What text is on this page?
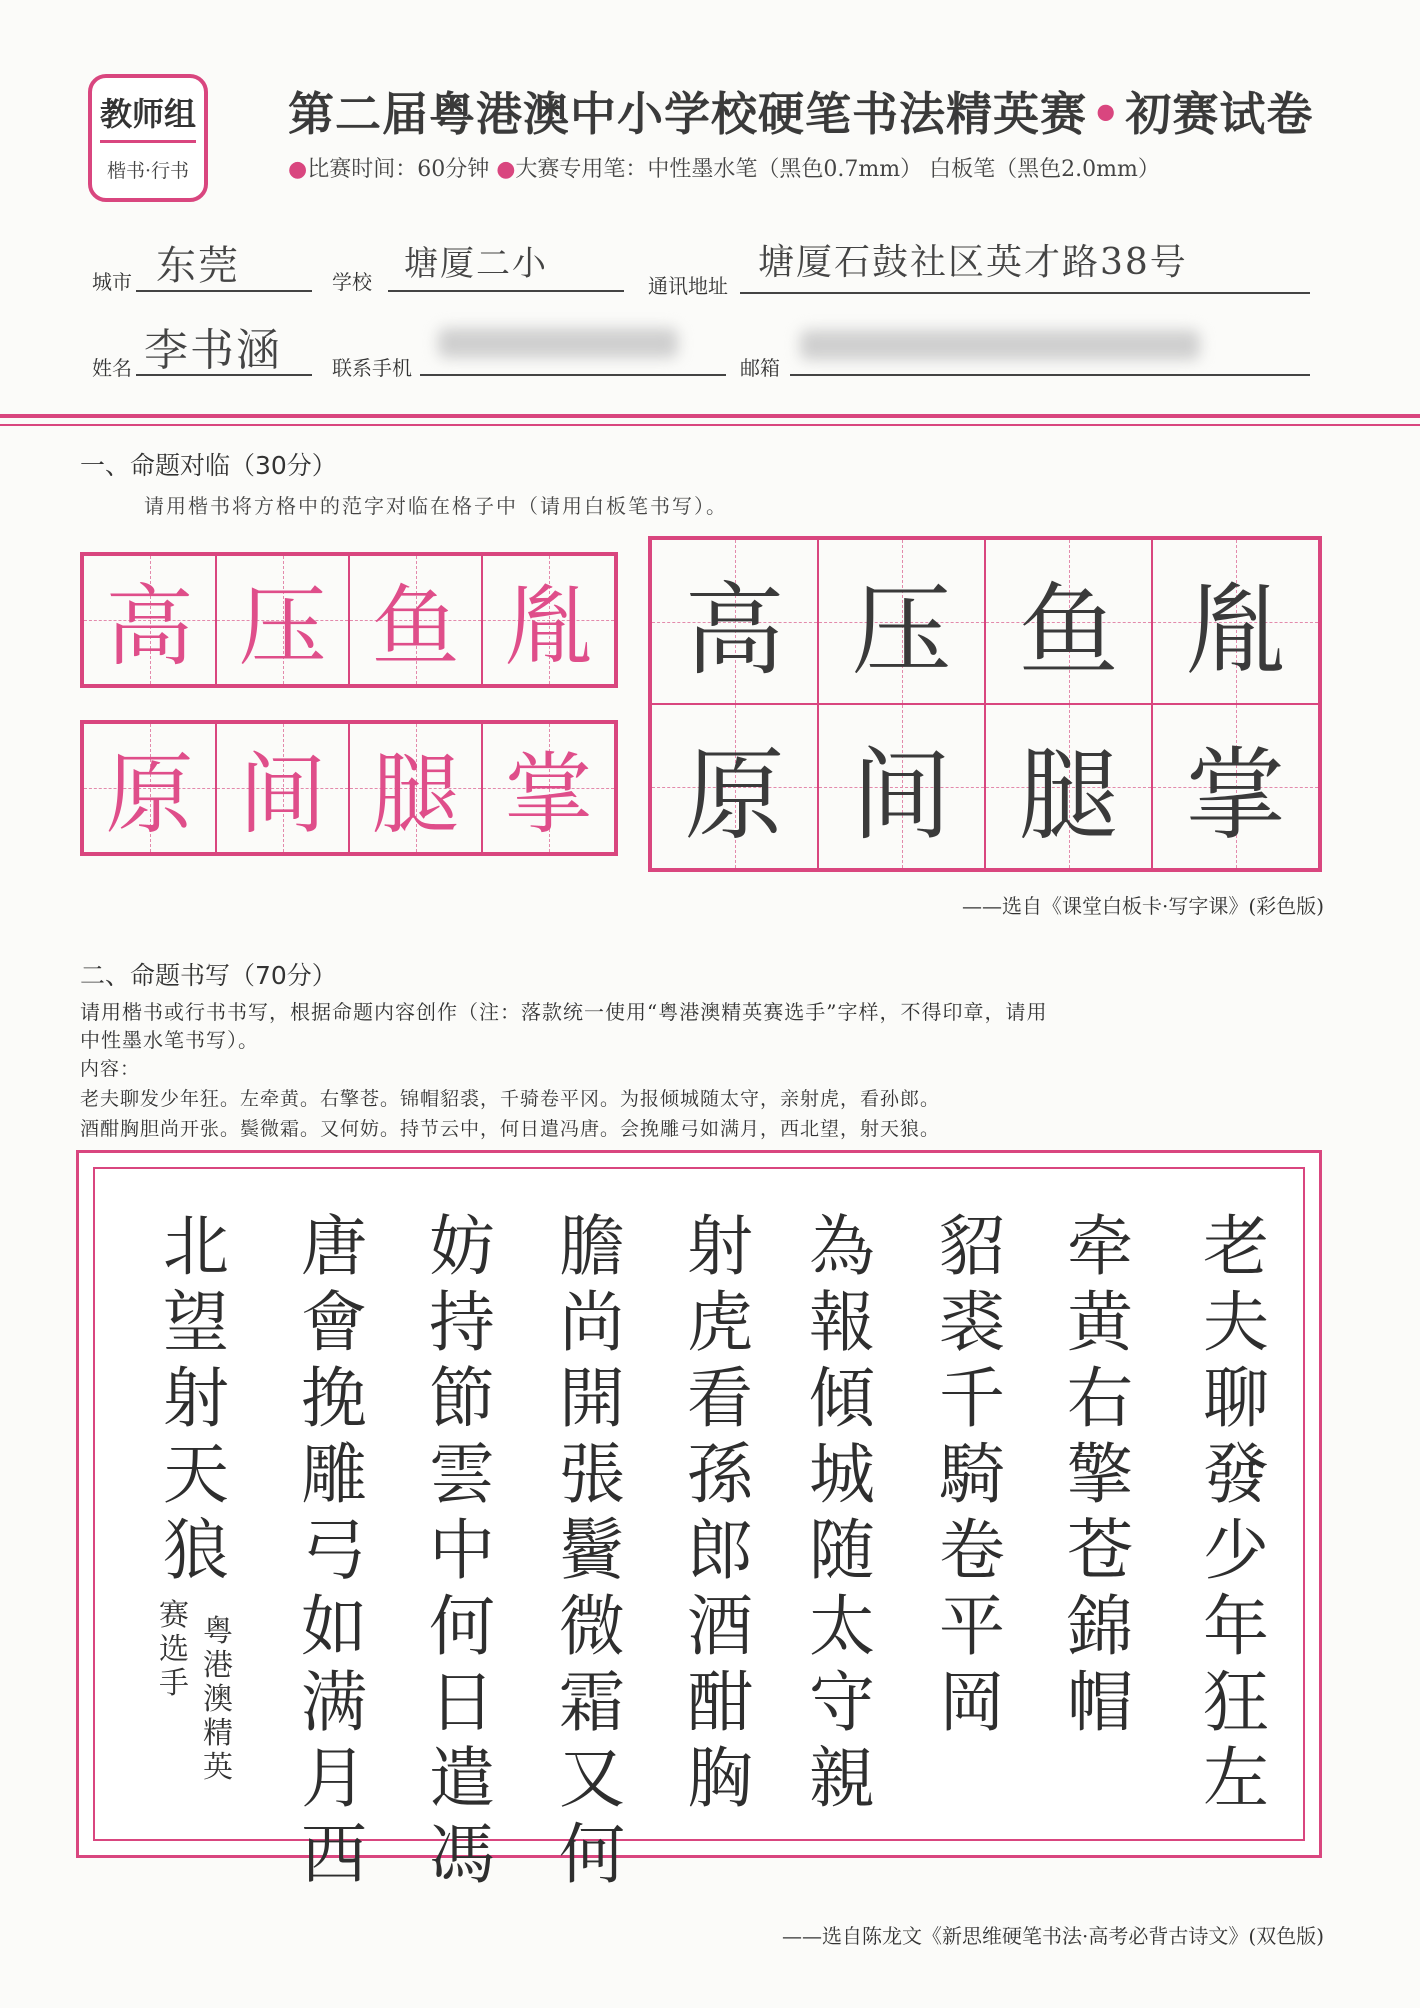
教师组
楷书·行书
第二届粤港澳中小学校硬笔书法精英赛•初赛试卷
●比赛时间：60分钟 ●大赛专用笔：中性墨水笔（黑色0.7mm） 白板笔（黑色2.0mm）
城市 东莞	学校 塘厦二小
通讯地址
塘厦石鼓社区英才路38号
姓名 李书涵	联系手机	邮箱
一、命题对临（30分）
请用楷书将方格中的范字对临在格子中（请用白板笔书写）。
高 压 鱼 胤
原 间 腿 掌
高 压 鱼 胤
原 间 腿 掌
——选自《课堂白板卡·写字课》(彩色版)
二、命题书写（70分）
请用楷书或行书书写，根据命题内容创作（注：落款统一使用“粤港澳精英赛选手”字样，不得印章，请用
中性墨水笔书写）。
内容：
老夫聊发少年狂。左牵黄。右擎苍。锦帽貂裘，千骑卷平冈。为报倾城随太守，亲射虎，看孙郎。
酒酣胸胆尚开张。鬓微霜。又何妨。持节云中，何日遣冯唐。会挽雕弓如满月，西北望，射天狼。
老
夫
聊
發
少
年
狂
左
牵
黄
右
擎
苍
錦
帽
貂
裘
千
騎
卷
平
岡
為
報
傾
城
随
太
守
親
射
虎
看
孫
郎
酒
酣
胸
膽
尚
開
張
鬢
微
霜
又
何
妨
持
節
雲
中
何
日
遣
馮
唐
會
挽
雕
弓
如
满
月
西
北
望
射
天
狼
粤
港
澳
精
英
赛
选
手
——选自陈龙文《新思维硬笔书法·高考必背古诗文》(双色版)
